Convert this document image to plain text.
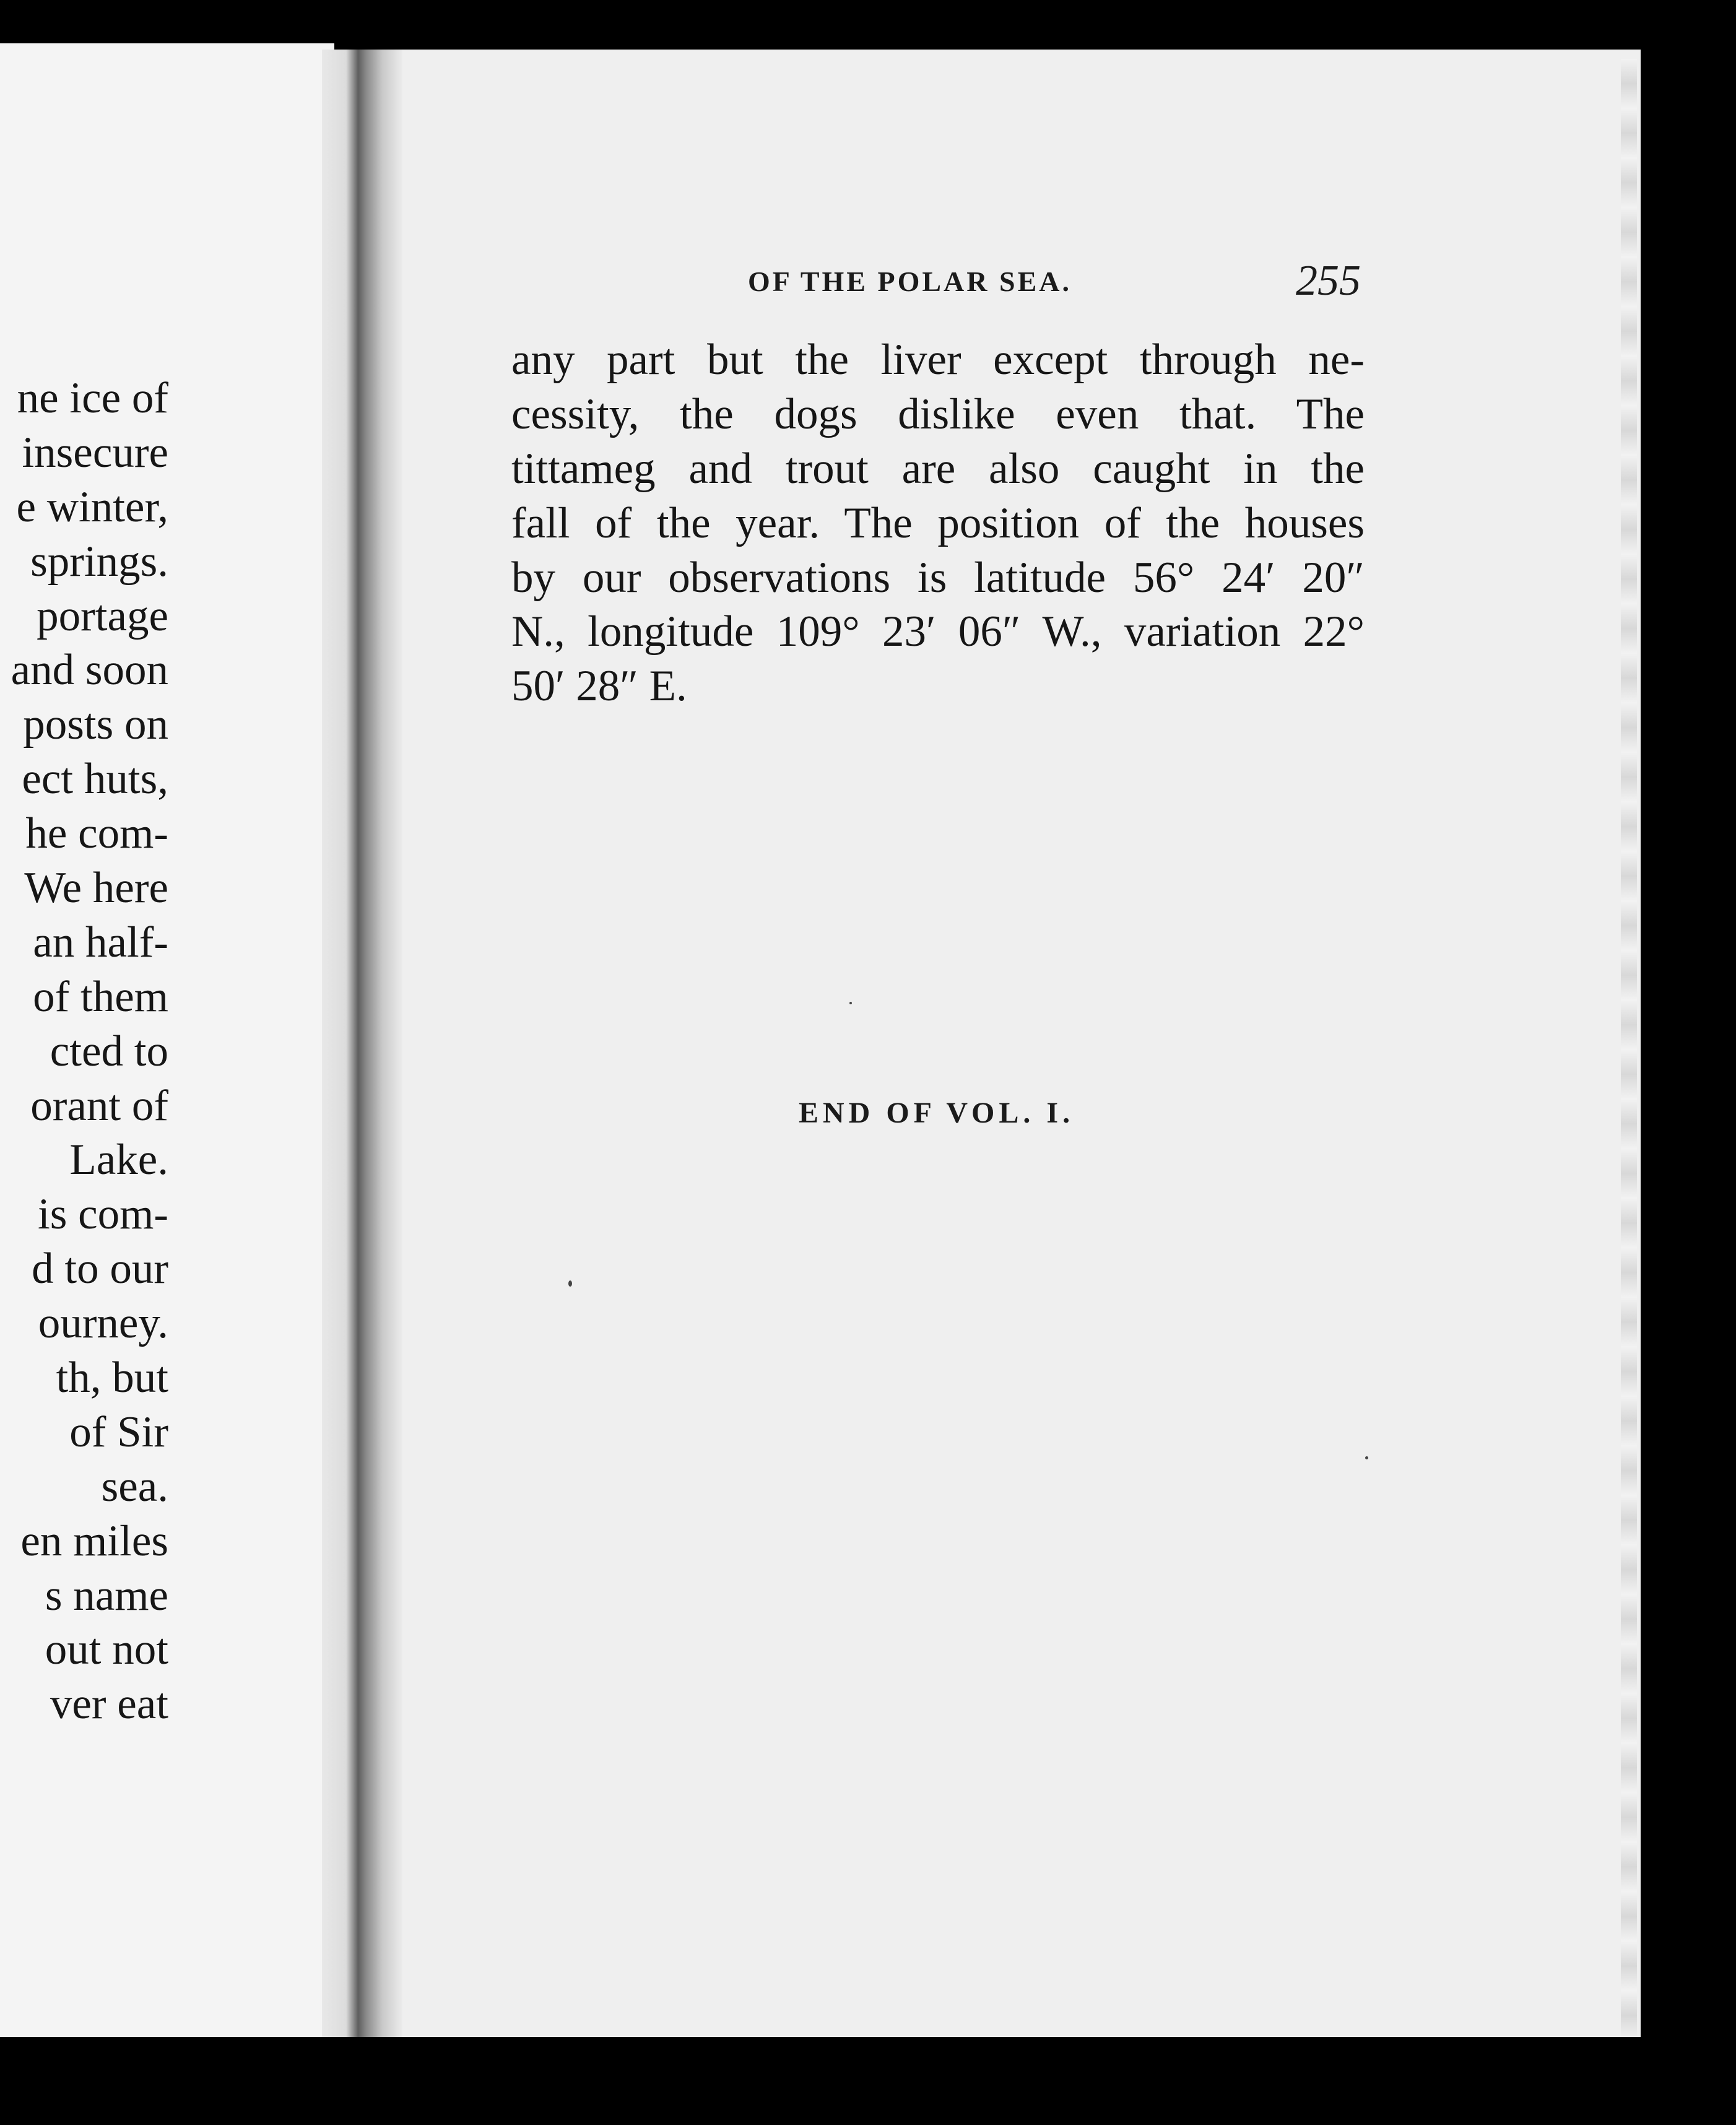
ne ice of
insecure
e winter,
springs.
portage
and soon
posts on
ect huts,
he com-
We here
an half-
of them
cted to
orant of
Lake.
is com-
d to our
ourney.
th, but
of Sir
sea.
en miles
s name
out not
ver eat
OF THE POLAR SEA.	255
any part but the liver except through ne-
cessity, the dogs dislike even that. The
tittameg and trout are also caught in the
fall of the year. The position of the houses
by our observations is latitude 56° 24′ 20″
N., longitude 109° 23′ 06″ W., variation 22°
50′ 28″ E.
END OF VOL. I.
